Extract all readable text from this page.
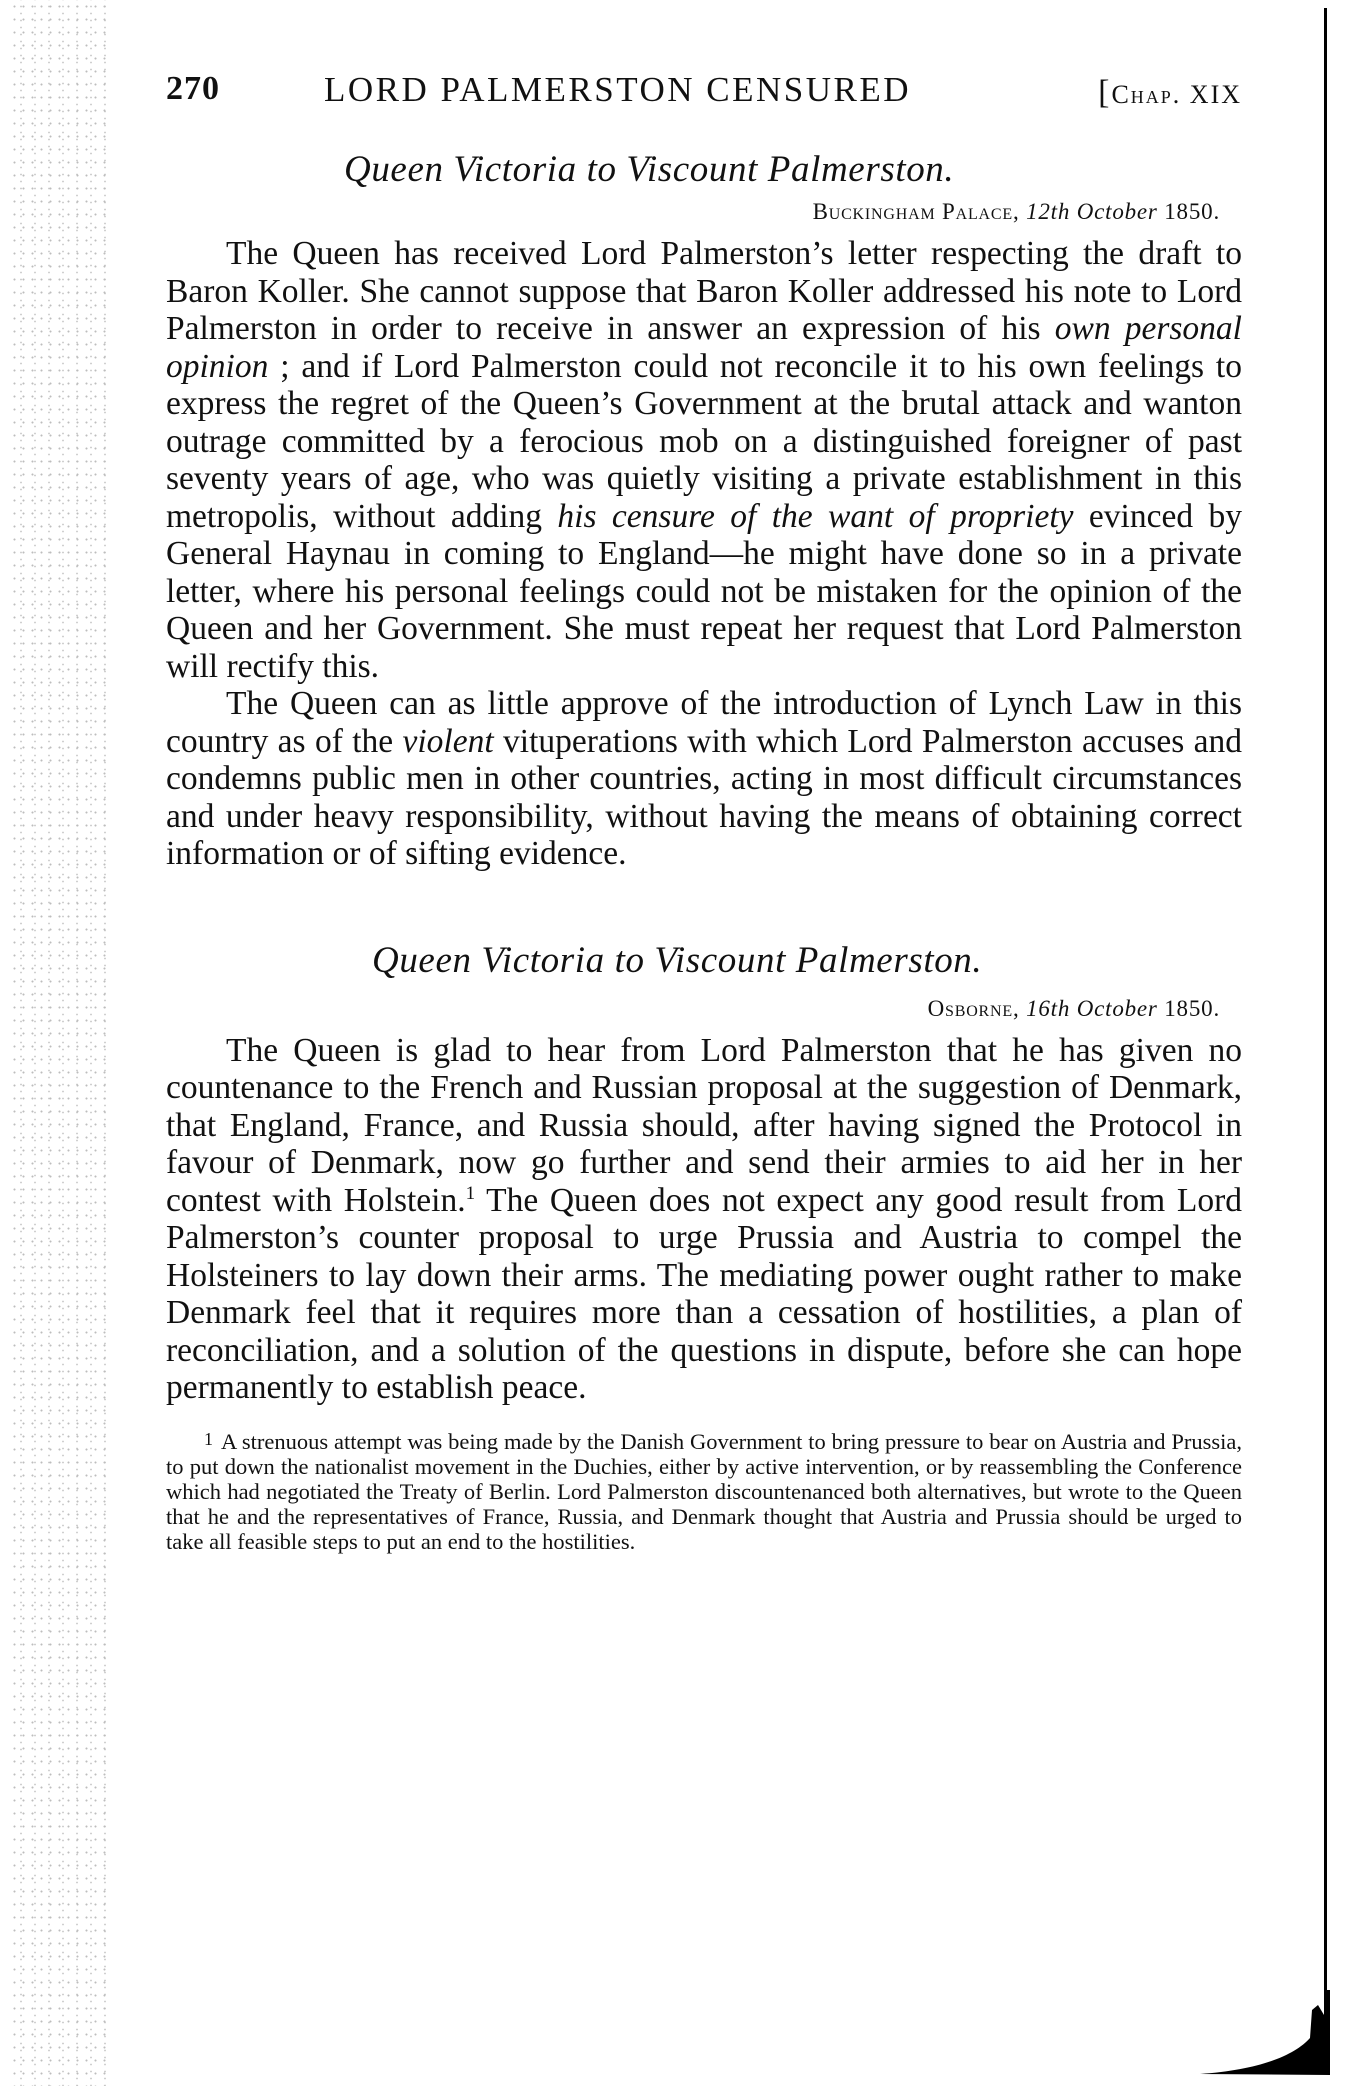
270	LORD PALMERSTON CENSURED	[Chap. XIX
Queen Victoria to Viscount Palmerston.
Buckingham Palace, 12th October 1850.

The Queen has received Lord Palmerston’s letter respecting the draft to Baron Koller. She cannot suppose that Baron Koller addressed his note to Lord Palmerston in order to receive in answer an expression of his own personal opinion ; and if Lord Palmerston could not reconcile it to his own feelings to express the regret of the Queen’s Government at the brutal attack and wanton outrage committed by a ferocious mob on a distinguished foreigner of past seventy years of age, who was quietly visiting a private establishment in this metropolis, without adding his censure of the want of propriety evinced by General Haynau in coming to England—he might have done so in a private letter, where his personal feelings could not be mistaken for the opinion of the Queen and her Government. She must repeat her request that Lord Palmerston will rectify this.

The Queen can as little approve of the introduction of Lynch Law in this country as of the violent vituperations with which Lord Palmerston accuses and condemns public men in other countries, acting in most difficult circumstances and under heavy responsibility, without having the means of obtaining correct information or of sifting evidence.

Queen Victoria to Viscount Palmerston.
Osborne, 16th October 1850.

The Queen is glad to hear from Lord Palmerston that he has given no countenance to the French and Russian proposal at the suggestion of Denmark, that England, France, and Russia should, after having signed the Protocol in favour of Denmark, now go further and send their armies to aid her in her contest with Holstein.$^1$ The Queen does not expect any good result from Lord Palmerston’s counter proposal to urge Prussia and Austria to compel the Holsteiners to lay down their arms. The mediating power ought rather to make Denmark feel that it requires more than a cessation of hostilities, a plan of reconciliation, and a solution of the questions in dispute, before she can hope permanently to establish peace.

1 A strenuous attempt was being made by the Danish Government to bring pressure to bear on Austria and Prussia, to put down the nationalist movement in the Duchies, either by active intervention, or by reassembling the Conference which had negotiated the Treaty of Berlin. Lord Palmerston discountenanced both alternatives, but wrote to the Queen that he and the representatives of France, Russia, and Denmark thought that Austria and Prussia should be urged to take all feasible steps to put an end to the hostilities.
